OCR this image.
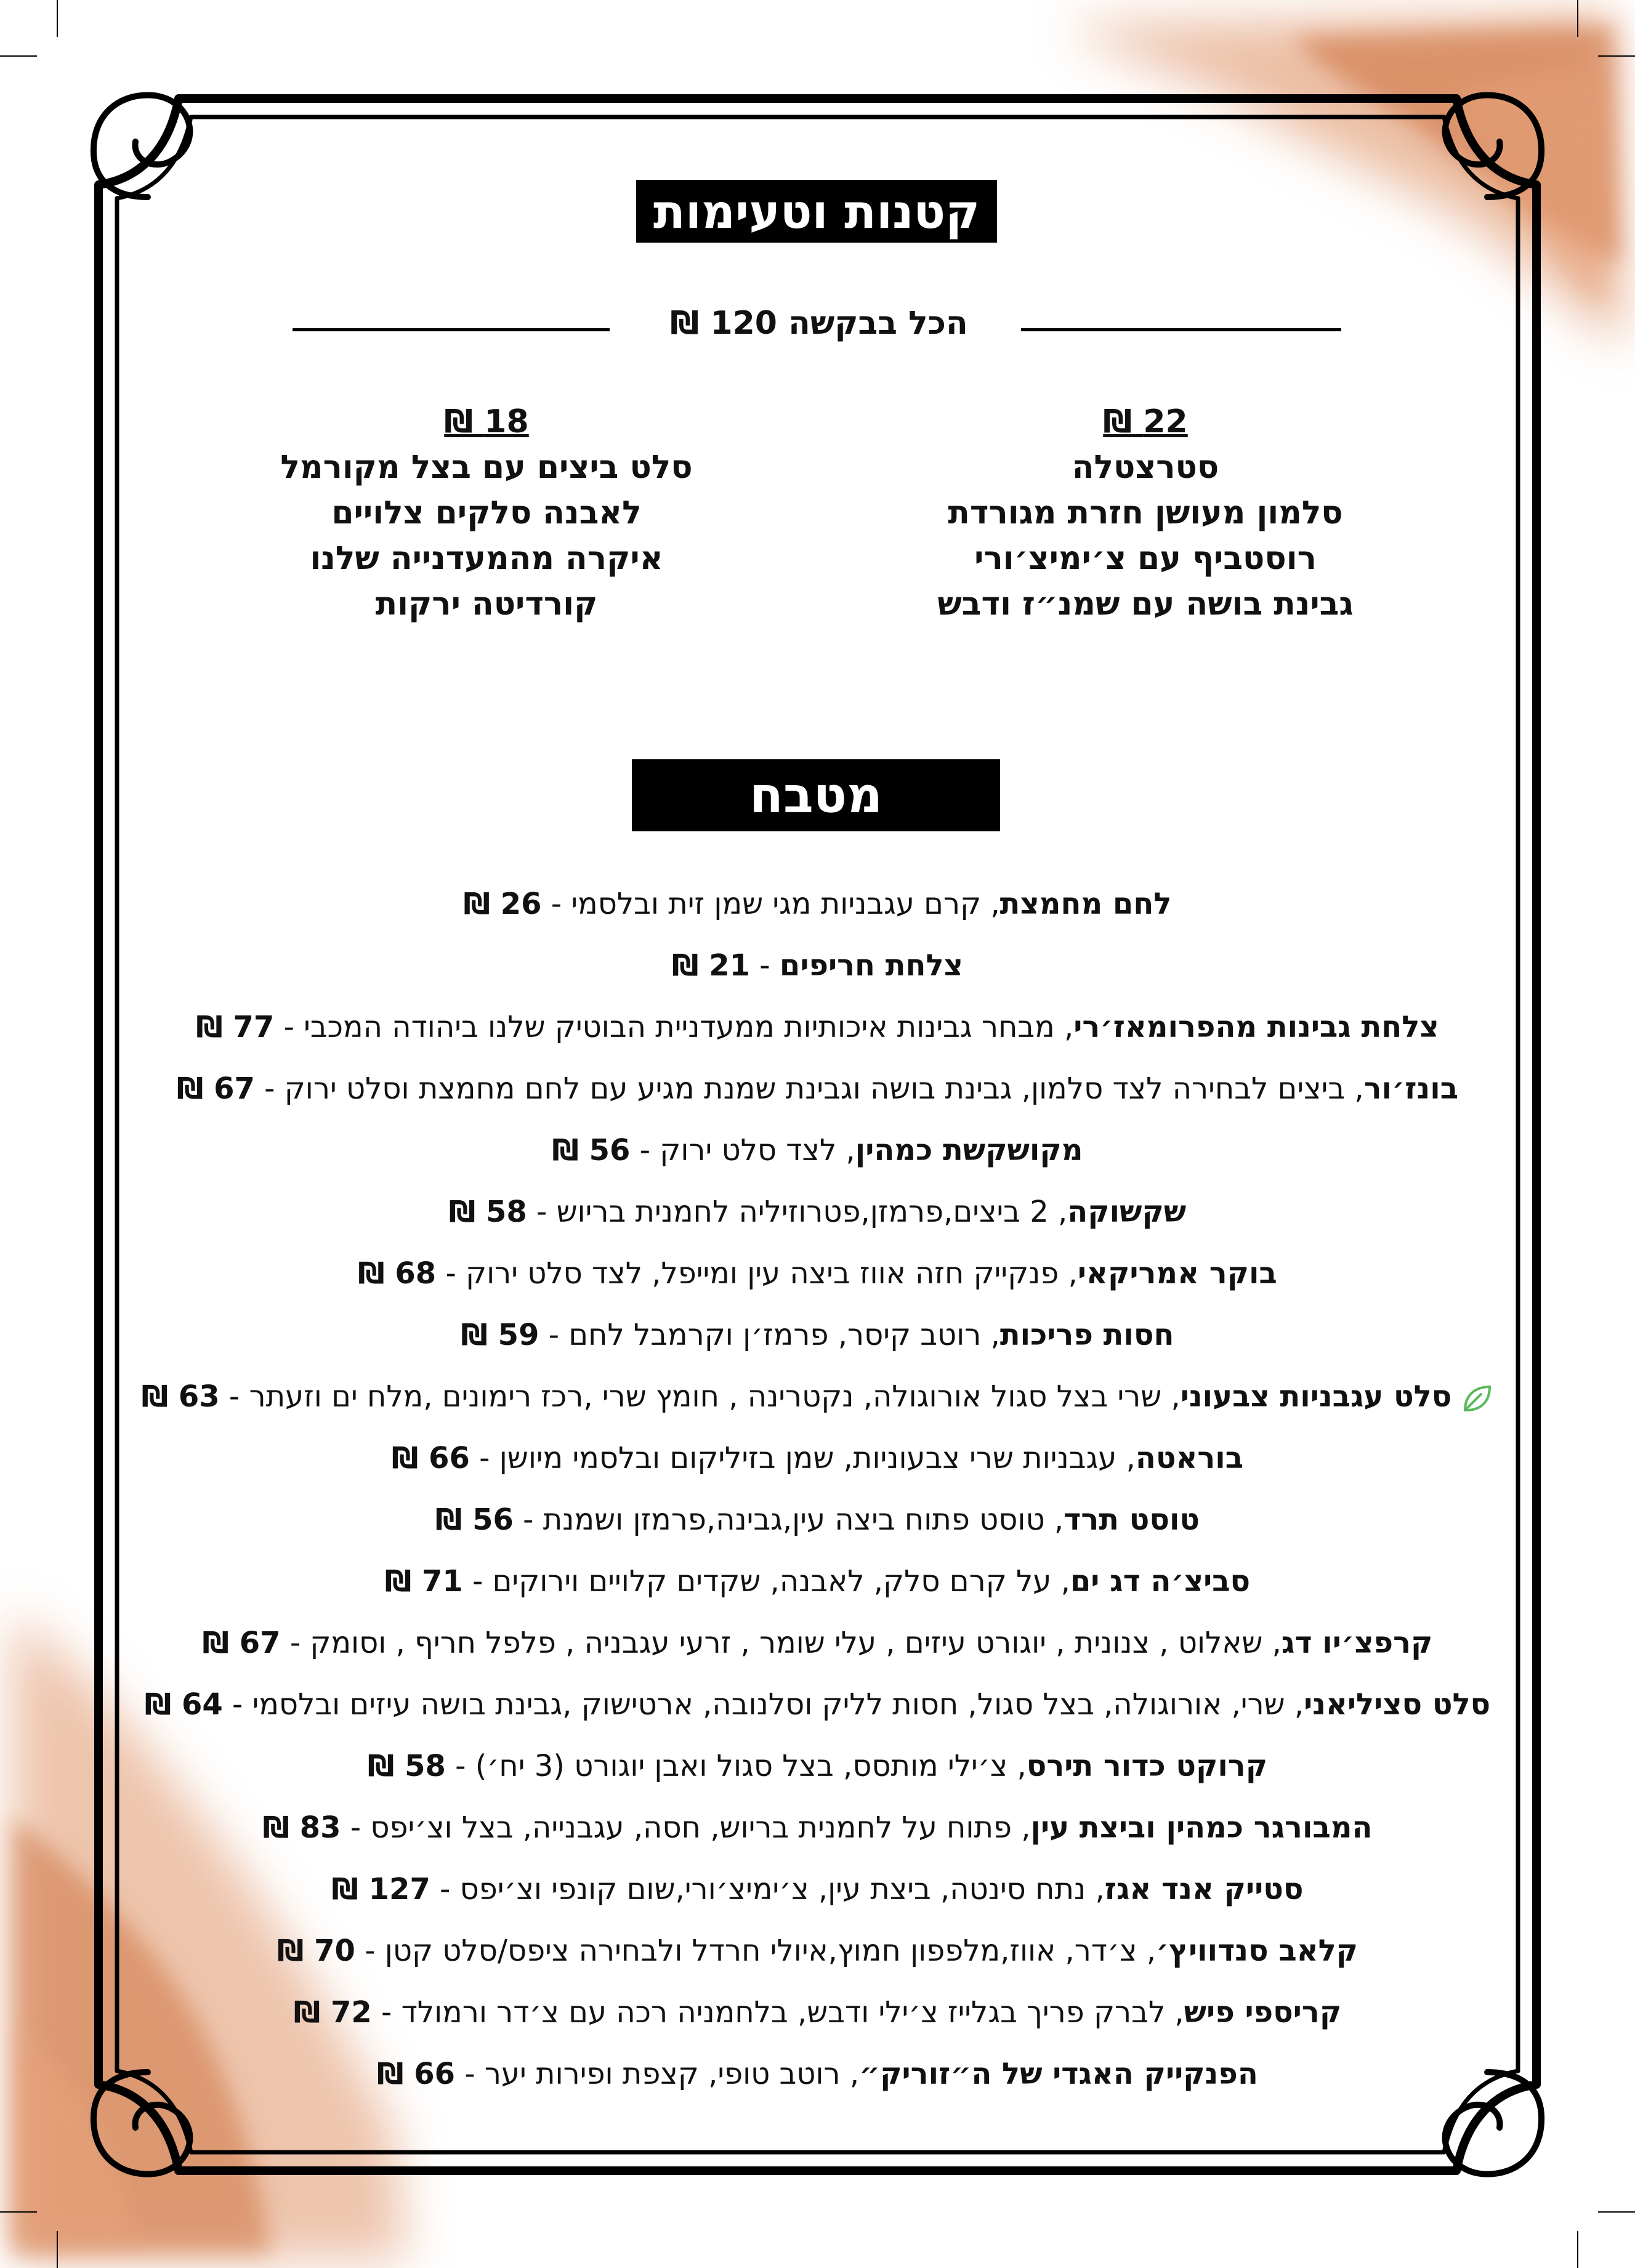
קטנות וטעימות
הכל בבקשה 120 ₪
22 ₪
סטרצטלה
סלמון מעושן חזרת מגורדת
רוסטביף עם צ׳ימיצ׳ורי
גבינת בושה עם שמנ״ז ודבש
18 ₪
סלט ביצים עם בצל מקורמל
לאבנה סלקים צלויים
איקרה מהמעדנייה שלנו
קורדיטה ירקות
מטבח
לחם מחמצת, קרם עגבניות מגי שמן זית ובלסמי - 26 ₪
צלחת חריפים - 21 ₪
צלחת גבינות מהפרומאז׳רי, מבחר גבינות איכותיות ממעדניית הבוטיק שלנו ביהודה המכבי - 77 ₪
בונז׳ור, ביצים לבחירה לצד סלמון, גבינת בושה וגבינת שמנת מגיע עם לחם מחמצת וסלט ירוק - 67 ₪
מקושקשת כמהין, לצד סלט ירוק - 56 ₪
שקשוקה, 2 ביצים,פרמזן,פטרוזיליה לחמנית בריוש - 58 ₪
בוקר אמריקאי, פנקייק חזה אווז ביצה עין ומייפל, לצד סלט ירוק - 68 ₪
חסות פריכות, רוטב קיסר, פרמז׳ן וקרמבל לחם - 59 ₪
סלט עגבניות צבעוני, שרי בצל סגול אורוגולה, נקטרינה , חומץ שרי ,רכז רימונים ,מלח ים וזעתר - 63 ₪
בוראטה, עגבניות שרי צבעוניות, שמן בזיליקום ובלסמי מיושן - 66 ₪
טוסט תרד, טוסט פתוח ביצה עין,גבינה,פרמזן ושמנת - 56 ₪
סביצ׳ה דג ים, על קרם סלק, לאבנה, שקדים קלויים וירוקים - 71 ₪
קרפצ׳יו דג, שאלוט , צנונית , יוגורט עיזים , עלי שומר , זרעי עגבניה , פלפל חריף , וסומק - 67 ₪
סלט סציליאני, שרי, אורוגולה, בצל סגול, חסות לליק וסלנובה, ארטישוק ,גבינת בושה עיזים ובלסמי - 64 ₪
קרוקט כדור תירס, צ׳ילי מותסס, בצל סגול ואבן יוגורט (3 יח׳) - 58 ₪
המבורגר כמהין וביצת עין, פתוח על לחמנית בריוש, חסה, עגבנייה, בצל וצ׳יפס - 83 ₪
סטייק אנד אגז, נתח סינטה, ביצת עין, צ׳ימיצ׳ורי,שום קונפי וצ׳יפס - 127 ₪
קלאב סנדוויץ׳, צ׳דר, אווז,מלפפון חמוץ,איולי חרדל ולבחירה ציפס/סלט קטן - 70 ₪
קריספי פיש, לברק פריך בגלייז צ׳ילי ודבש, בלחמניה רכה עם צ׳דר ורמולד - 72 ₪
הפנקייק האגדי של ה״זוריק״, רוטב טופי, קצפת ופירות יער - 66 ₪
